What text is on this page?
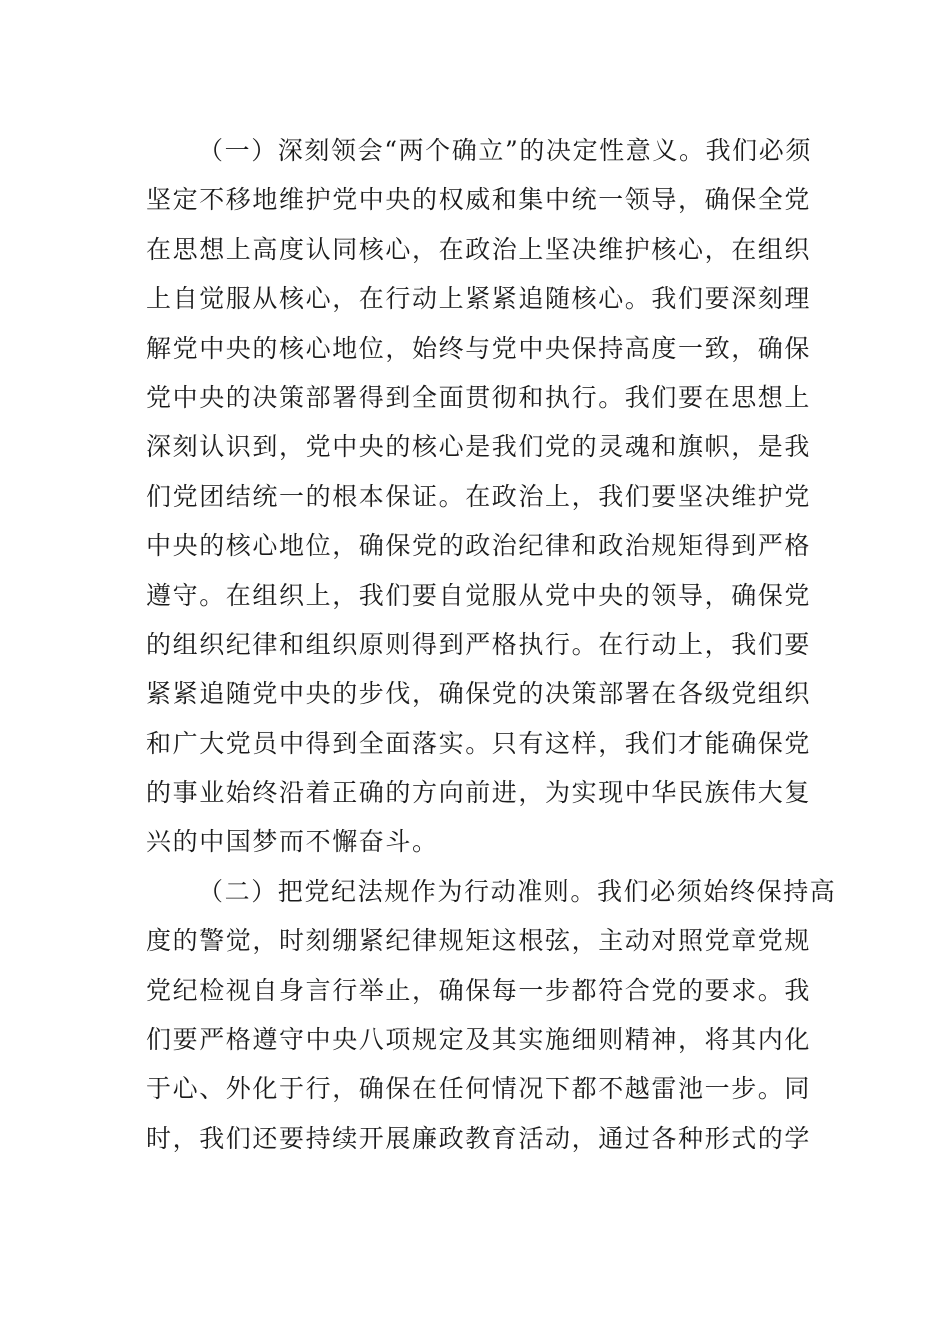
（一）深刻领会“两个确立”的决定性意义。我们必须
坚定不移地维护党中央的权威和集中统一领导，确保全党
在思想上高度认同核心，在政治上坚决维护核心，在组织
上自觉服从核心，在行动上紧紧追随核心。我们要深刻理
解党中央的核心地位，始终与党中央保持高度一致，确保
党中央的决策部署得到全面贯彻和执行。我们要在思想上
深刻认识到，党中央的核心是我们党的灵魂和旗帜，是我
们党团结统一的根本保证。在政治上，我们要坚决维护党
中央的核心地位，确保党的政治纪律和政治规矩得到严格
遵守。在组织上，我们要自觉服从党中央的领导，确保党
的组织纪律和组织原则得到严格执行。在行动上，我们要
紧紧追随党中央的步伐，确保党的决策部署在各级党组织
和广大党员中得到全面落实。只有这样，我们才能确保党
的事业始终沿着正确的方向前进，为实现中华民族伟大复
兴的中国梦而不懈奋斗。
（二）把党纪法规作为行动准则。我们必须始终保持高
度的警觉，时刻绷紧纪律规矩这根弦，主动对照党章党规
党纪检视自身言行举止，确保每一步都符合党的要求。我
们要严格遵守中央八项规定及其实施细则精神，将其内化
于心、外化于行，确保在任何情况下都不越雷池一步。同
时，我们还要持续开展廉政教育活动，通过各种形式的学
